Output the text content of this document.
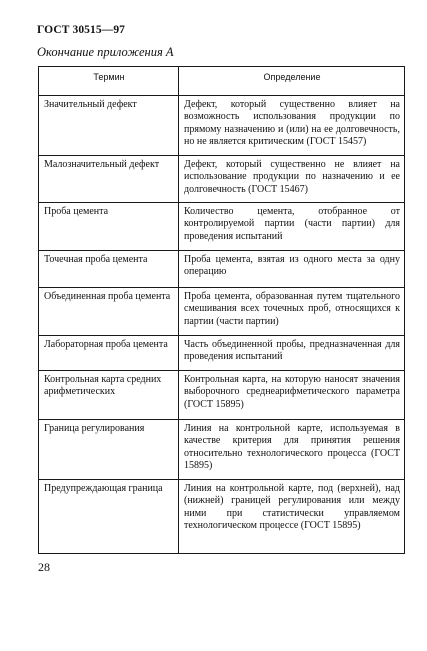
ГОСТ 30515—97
Окончание приложения А
Термин	Определение
Значительный дефект	Дефект, который существенно влияет на возможность использования продукции по прямому назначению и (или) на ее долговечность, но не является критическим (ГОСТ 15457)
Малозначительный дефект	Дефект, который существенно не влияет на использование продукции по назначению и ее долговечность (ГОСТ 15467)
Проба цемента	Количество цемента, отобранное от контролируемой партии (части партии) для проведения испытаний
Точечная проба цемента	Проба цемента, взятая из одного места за одну операцию
Объединенная проба цемента	Проба цемента, образованная путем тщательного смешивания всех точечных проб, относящихся к партии (части партии)
Лабораторная проба цемента	Часть объединенной пробы, предназначенная для проведения испытаний
Контрольная карта средних арифметических	Контрольная карта, на которую наносят значения выборочного среднеарифметического параметра (ГОСТ 15895)
Граница регулирования	Линия на контрольной карте, используемая в качестве критерия для принятия решения относительно технологического процесса (ГОСТ 15895)
Предупреждающая граница	Линия на контрольной карте, под (верхней), над (нижней) границей регулирования или между ними при статистически управляемом технологическом процессе (ГОСТ 15895)
28
